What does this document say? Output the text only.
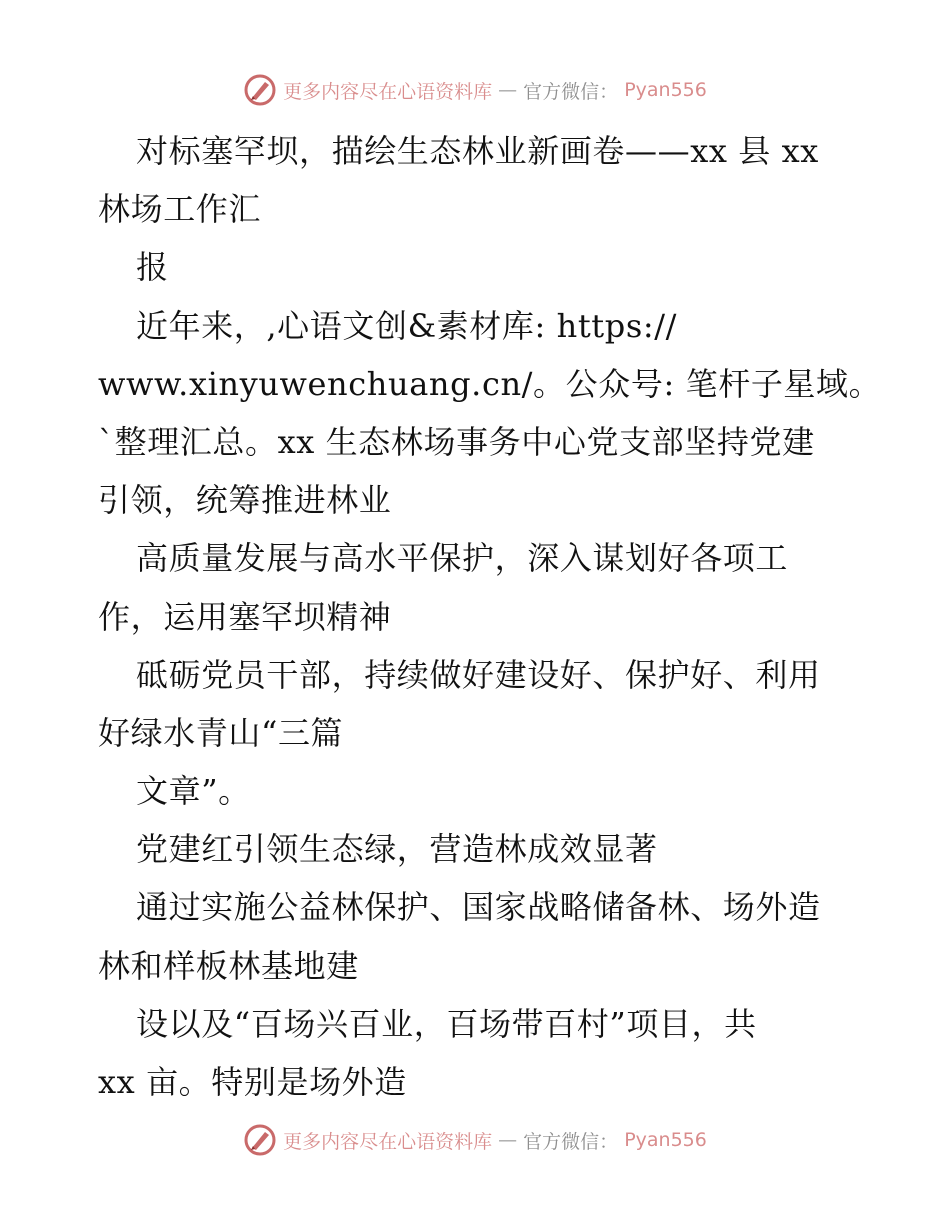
更多内容尽在心语资料库 — 官方微信： Pyan556
对标塞罕坝，描绘生态林业新画卷——xx 县 xx
林场工作汇
报
近年来，,心语文创&素材库: https://
www.xinyuwenchuang.cn/。公众号: 笔杆子星域。
`整理汇总。xx 生态林场事务中心党支部坚持党建
引领，统筹推进林业
高质量发展与高水平保护，深入谋划好各项工
作，运用塞罕坝精神
砥砺党员干部，持续做好建设好、保护好、利用
好绿水青山“三篇
文章”。
党建红引领生态绿，营造林成效显著
通过实施公益林保护、国家战略储备林、场外造
林和样板林基地建
设以及“百场兴百业，百场带百村”项目，共
xx 亩。特别是场外造
更多内容尽在心语资料库 — 官方微信： Pyan556
